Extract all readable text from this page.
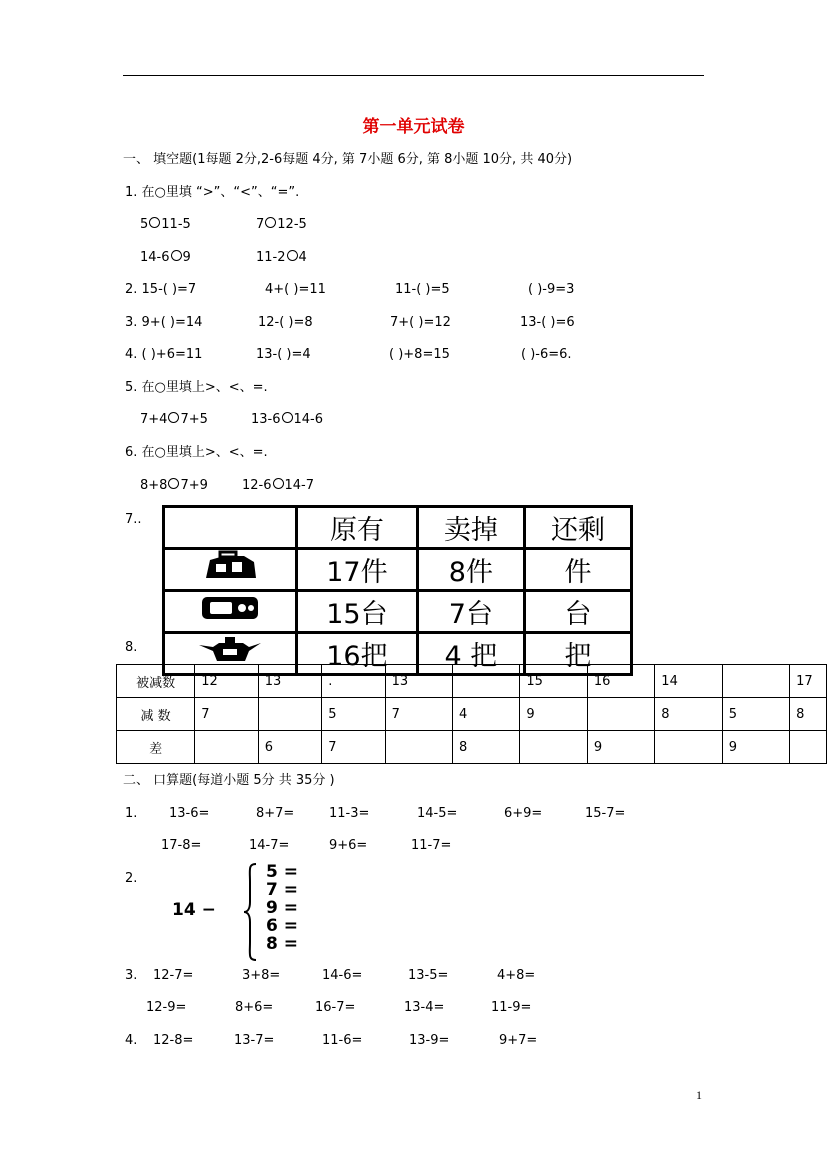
第一单元试卷
一、 填空题(1每题 2分,2-6每题 4分, 第 7小题 6分, 第 8小题 10分, 共 40分)
1. 在○里填 “>”、“<”、“=”.
5 11-5	7 12-5
14-6 9	11-2 4
2. 15-( )=7	4+( )=11	11-( )=5	( )-9=3
3. 9+( )=14	12-( )=8	7+( )=12	13-( )=6
4. ( )+6=11	13-( )=4	( )+8=15	( )-6=6.
5. 在○里填上>、<、=.
7+4 7+5	13-6 14-6
6. 在○里填上>、<、=.
8+8 7+9	12-6 14-7
7..
		原有	卖掉	还剩
	17件	8件	件
	15台	7台	台
	16把	4 把	把
8.
被减数	12	13	.	13		15	16	14		17
减 数	7		5	7	4	9		8	5	8
差		6	7		8		9		9	
二、 口算题(每道小题 5分 共 35分 )
1. 13-6=	8+7=	11-3=	14-5=	6+9=	15-7=
17-8=	14-7=	9+6=	11-7=
2.
14 −
5 =
7 =
9 =
6 =
8 =
3. 12-7=	3+8=	14-6=	13-5=	4+8=
12-9=	8+6=	16-7=	13-4=	11-9=
4. 12-8=	13-7=	11-6=	13-9=	9+7=
1
